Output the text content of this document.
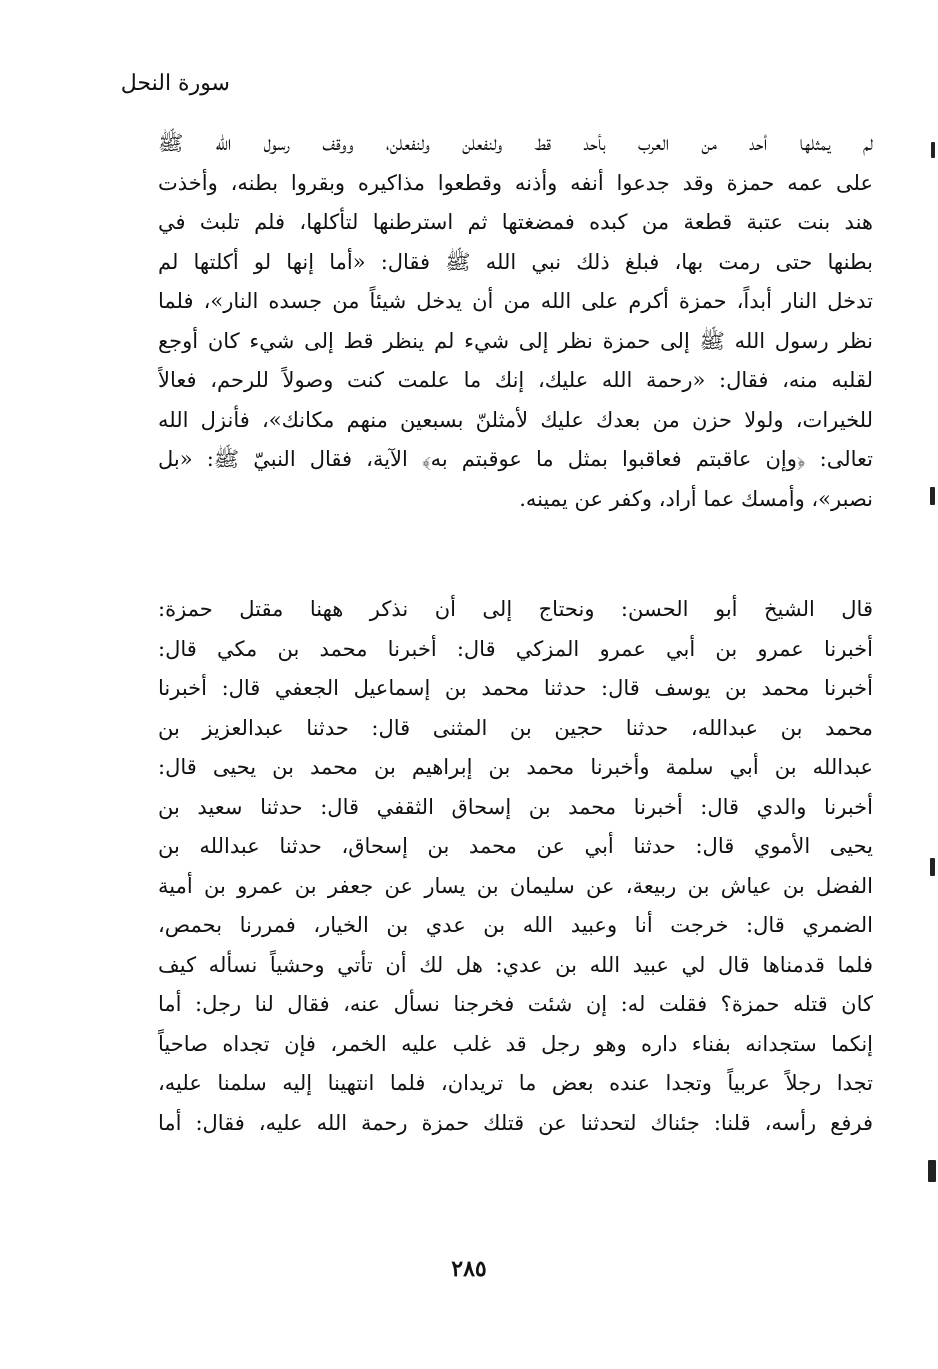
سورة النحل
لم يمثلها أحد من العرب بأحد قط ولنفعلن ولنفعلن، ووقف رسول الله ﷺ
على عمه حمزة وقد جدعوا أنفه وأذنه وقطعوا مذاكيره وبقروا بطنه، وأخذت
هند بنت عتبة قطعة من كبده فمضغتها ثم استرطنها لتأكلها، فلم تلبث في
بطنها حتى رمت بها، فبلغ ذلك نبي الله ﷺ فقال: «أما إنها لو أكلتها لم
تدخل النار أبداً، حمزة أكرم على الله من أن يدخل شيئاً من جسده النار»، فلما
نظر رسول الله ﷺ إلى حمزة نظر إلى شيء لم ينظر قط إلى شيء كان أوجع
لقلبه منه، فقال: «رحمة الله عليك، إنك ما علمت كنت وصولاً للرحم، فعالاً
للخيرات، ولولا حزن من بعدك عليك لأمثلنّ بسبعين منهم مكانك»، فأنزل الله
تعالى: ﴿وإن عاقبتم فعاقبوا بمثل ما عوقبتم به﴾ الآية، فقال النبيّ ﷺ: «بل
نصبر»، وأمسك عما أراد، وكفر عن يمينه.
قال الشيخ أبو الحسن: ونحتاج إلى أن نذكر ههنا مقتل حمزة:
أخبرنا عمرو بن أبي عمرو المزكي قال: أخبرنا محمد بن مكي قال:
أخبرنا محمد بن يوسف قال: حدثنا محمد بن إسماعيل الجعفي قال: أخبرنا
محمد بن عبدالله، حدثنا حجين بن المثنى قال: حدثنا عبدالعزيز بن
عبدالله بن أبي سلمة وأخبرنا محمد بن إبراهيم بن محمد بن يحيى قال:
أخبرنا والدي قال: أخبرنا محمد بن إسحاق الثقفي قال: حدثنا سعيد بن
يحيى الأموي قال: حدثنا أبي عن محمد بن إسحاق، حدثنا عبدالله بن
الفضل بن عياش بن ربيعة، عن سليمان بن يسار عن جعفر بن عمرو بن أمية
الضمري قال: خرجت أنا وعبيد الله بن عدي بن الخيار، فمررنا بحمص،
فلما قدمناها قال لي عبيد الله بن عدي: هل لك أن تأتي وحشياً نسأله كيف
كان قتله حمزة؟ فقلت له: إن شئت فخرجنا نسأل عنه، فقال لنا رجل: أما
إنكما ستجدانه بفناء داره وهو رجل قد غلب عليه الخمر، فإن تجداه صاحياً
تجدا رجلاً عربياً وتجدا عنده بعض ما تريدان، فلما انتهينا إليه سلمنا عليه،
فرفع رأسه، قلنا: جئناك لتحدثنا عن قتلك حمزة رحمة الله عليه، فقال: أما
٢٨٥
